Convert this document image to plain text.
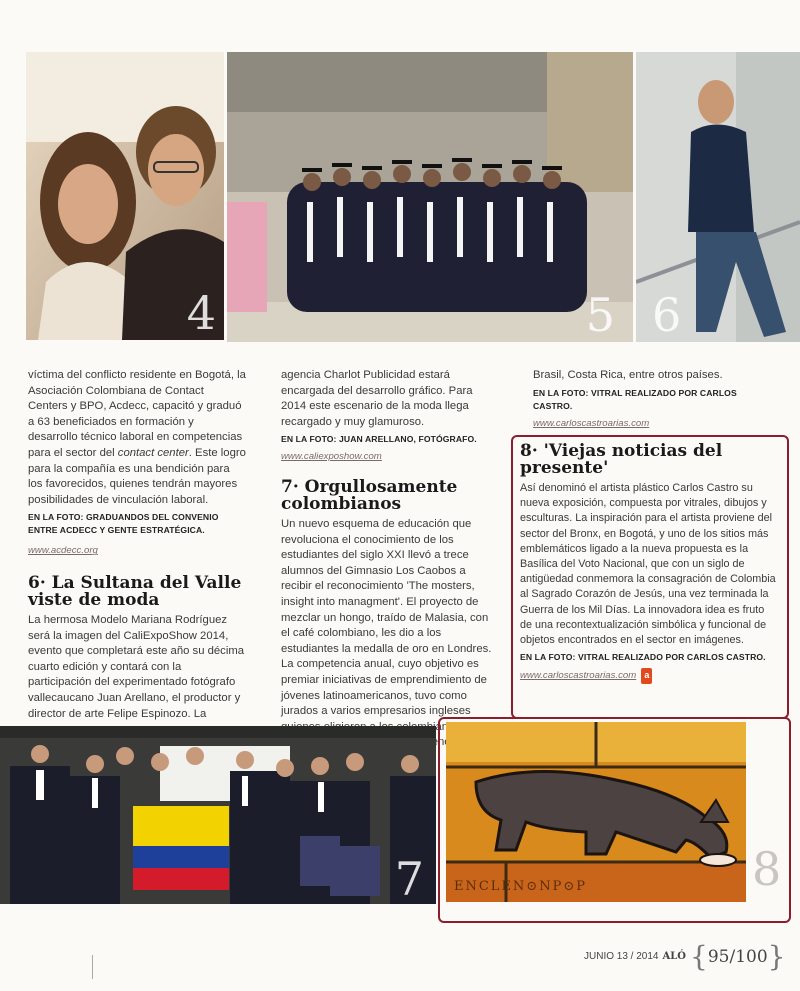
4	5 6

víctima del conflicto residente en Bogotá, la Asociación Colombiana de Contact Centers y BPO, Acdecc, capacitó y graduó a 63 beneficiados en formación y desarrollo técnico laboral en competencias para el sector del contact center. Este logro para la compañía es una bendición para los favorecidos, quienes tendrán mayores posibilidades de vinculación laboral.

EN LA FOTO: GRADUANDOS DEL CONVENIO ENTRE ACDECC Y GENTE ESTRATÉGICA.
www.acdecc.org
6· La Sultana del Valle viste de moda

La hermosa Modelo Mariana Rodríguez será la imagen del CaliExpoShow 2014, evento que completará este año su décima cuarto edición y contará con la participación del experimentado fotógrafo vallecaucano Juan Arellano, el productor y director de arte Felipe Espinozo. La

agencia Charlot Publicidad estará encargada del desarrollo gráfico. Para 2014 este escenario de la moda llega recargado y muy glamuroso.

EN LA FOTO: JUAN ARELLANO, FOTÓGRAFO.
www.caliexposhow.com
7· Orgullosamente colombianos

Un nuevo esquema de educación que revoluciona el conocimiento de los estudiantes del siglo XXI llevó a trece alumnos del Gimnasio Los Caobos a recibir el reconocimiento 'The mosters, insight into managment'. El proyecto de mezclar un hongo, traído de Malasia, con el café colombiano, les dio a los estudiantes la medalla de oro en Londres. La competencia anual, cuyo objetivo es premiar iniciativas de emprendimiento de jóvenes latinoamericanos, tuvo como jurados a varios empresarios ingleses

Brasil, Costa Rica, entre otros países.

EN LA FOTO: VITRAL REALIZADO POR CARLOS CASTRO.
www.carloscastroarias.com
8· 'Viejas noticias del presente'

Así denominó el artista plástico Carlos Castro su nueva exposición, compuesta por vitrales, dibujos y esculturas. La inspiración para el artista proviene del sector del Bronx, en Bogotá, y uno de los sitios más emblemáticos ligado a la nueva propuesta es la Basílica del Voto Nacional, que con un siglo de antigüedad conmemora la consagración de Colombia al Sagrado Corazón de Jesús, una vez terminada la Guerra de los Mil Días. La innovadora idea es fruto de una recontextualización simbólica y funcional de objetos encontrados en el sector en imágenes.

EN LA FOTO: VITRAL REALIZADO POR CARLOS CASTRO.
www.carloscastroarias.com a
7 ENCLEN⊙NP⊙P	8
JUNIO 13 / 2014 ALÓ { 95/100 }
